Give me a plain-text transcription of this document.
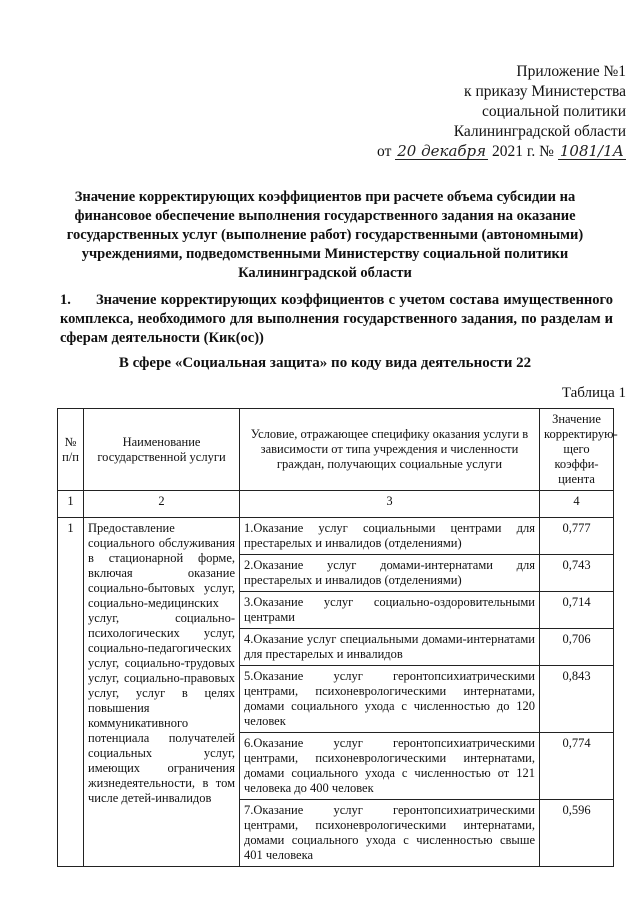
Приложение №1
к приказу Министерства
социальной политики
Калининградской области
от 20 декабря 2021 г. № 1081/1А
Значение корректирующих коэффициентов при расчете объема субсидии на финансовое обеспечение выполнения государственного задания на оказание государственных услуг (выполнение работ) государственными (автономными) учреждениями, подведомственными Министерству социальной политики Калининградской области
1. Значение корректирующих коэффициентов с учетом состава имущественного комплекса, необходимого для выполнения государственного задания, по разделам и сферам деятельности (Кик(ос))
В сфере «Социальная защита» по коду вида деятельности 22
Таблица 1
№ п/п	Наименование государственной услуги	Условие, отражающее специфику оказания услуги в зависимости от типа учреждения и численности граждан, получающих социальные услуги	Значение корректирую-щего коэффи-циента
1	2	3	4
1	Предоставление социального обслуживания в стационарной форме, включая оказание социально-бытовых услуг, социально-медицинских услуг, социально-психологических услуг, социально-педагогических услуг, социально-трудовых услуг, социально-правовых услуг, услуг в целях повышения коммуникативного потенциала получателей социальных услуг, имеющих ограничения жизнедеятельности, в том числе детей-инвалидов	1.Оказание услуг социальными центрами для престарелых и инвалидов (отделениями)	0,777
		2.Оказание услуг домами-интернатами для престарелых и инвалидов (отделениями)	0,743
		3.Оказание услуг социально-оздоровительными центрами	0,714
		4.Оказание услуг специальными домами-интернатами для престарелых и инвалидов	0,706
		5.Оказание услуг геронтопсихиатрическими центрами, психоневрологическими интернатами, домами социального ухода с численностью до 120 человек	0,843
		6.Оказание услуг геронтопсихиатрическими центрами, психоневрологическими интернатами, домами социального ухода с численностью от 121 человека до 400 человек	0,774
		7.Оказание услуг геронтопсихиатрическими центрами, психоневрологическими интернатами, домами социального ухода с численностью свыше 401 человека	0,596
